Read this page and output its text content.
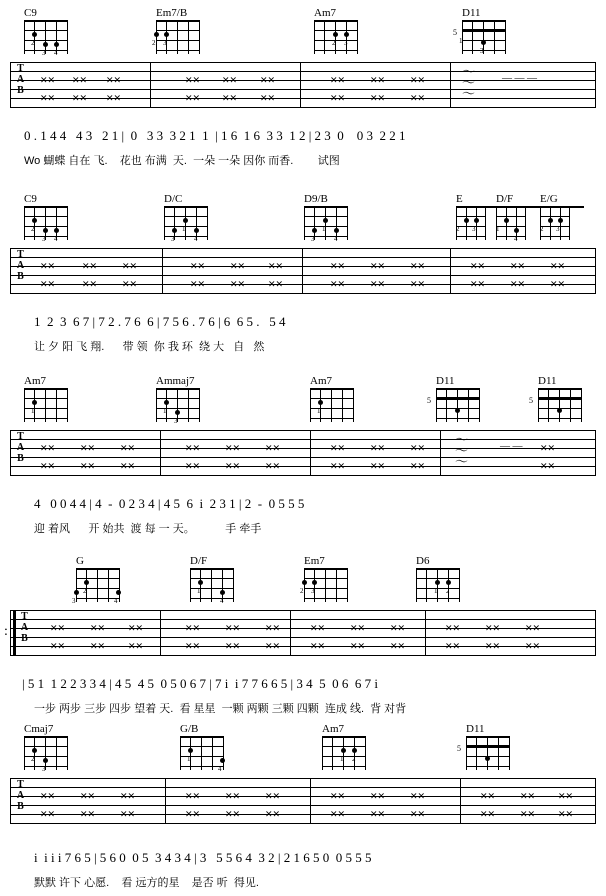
C9
2
3 4
Em7/B
2 3
Am7
2 3
D11
5
1
3
TAB ✕✕
✕✕
✕✕
✕✕
✕✕
✕✕
✕✕
✕✕
✕✕
✕✕
✕✕
✕✕
✕✕
✕✕
✕✕
✕✕
✕✕
✕✕
〜
〜
〜
— — —
0 . 1 4 4   4 3   2 1 |  0   3 3  3 2 1  1  | 1 6  1 6  3 3  1 2 | 2 3  0    0 3  2 2 1
Wo 蝴蝶 自在 飞.    花也 布满  天.  一朵 一朵 因你 而香.        试图
C9
2
3 4
D/C
1
3	4
D9/B
1
3	4
E
2 3
D/F
1
4
E/G
2 3
TAB ✕✕
✕✕
✕✕
✕✕
✕✕
✕✕
✕✕
✕✕
✕✕
✕✕
✕✕
✕✕
✕✕
✕✕
✕✕
✕✕
✕✕
✕✕
✕✕
✕✕
✕✕
✕✕
✕✕
✕✕
1  2  3  6 7 | 7 2 . 7 6  6 | 7 5 6 . 7 6 | 6  6 5 .   5 4
让 夕 阳 飞 翔.      带 领  你 我 环  绕 大   自   然
Am7
1
Ammaj7
1
3
Am7
1
D11
5
D11
5
TAB ✕✕
✕✕
✕✕
✕✕
✕✕
✕✕
✕✕
✕✕
✕✕
✕✕
✕✕
✕✕
✕✕
✕✕
✕✕
✕✕
✕✕
✕✕
〜
〜
〜
— — ✕✕
✕✕
4   0 0 4 4 | 4  -  0 2 3 4 | 4 5  6  i  2 3 1 | 2  -  0 5 5 5
迎 着风      开 始共  渡 每 一 天。          手 牵手
G
3
2
4
D/F
1
4
Em7
2 3
D6
1 2
: TAB ✕✕
✕✕
✕✕
✕✕
✕✕
✕✕
✕✕
✕✕
✕✕
✕✕
✕✕
✕✕
✕✕
✕✕
✕✕
✕✕
✕✕
✕✕
✕✕
✕✕
✕✕
✕✕
✕✕
✕✕
| 5 1  1 2 2 3 3 4 | 4 5  4 5  0 5 0 6 7 | 7 i  i 7 7 6 6 5 | 3 4  5  0 6  6 7 i
一步 两步 三步 四步 望着 天.  看 星星  一颗 两颗 三颗 四颗  连成 线.  背 对背
Cmaj7
2
3
G/B
1
4
Am7
1 2
D11
5
TAB ✕✕
✕✕
✕✕
✕✕
✕✕
✕✕
✕✕
✕✕
✕✕
✕✕
✕✕
✕✕
✕✕
✕✕
✕✕
✕✕
✕✕
✕✕
✕✕
✕✕
✕✕
✕✕
✕✕
✕✕
i  i i i 7 6 5 | 5 6 0  0 5  3 4 3 4 | 3   5 5 6 4  3 2 | 2 1 6 5 0  0 5 5 5
默默 许下 心愿.    看 远方的星    是否 听  得见.
